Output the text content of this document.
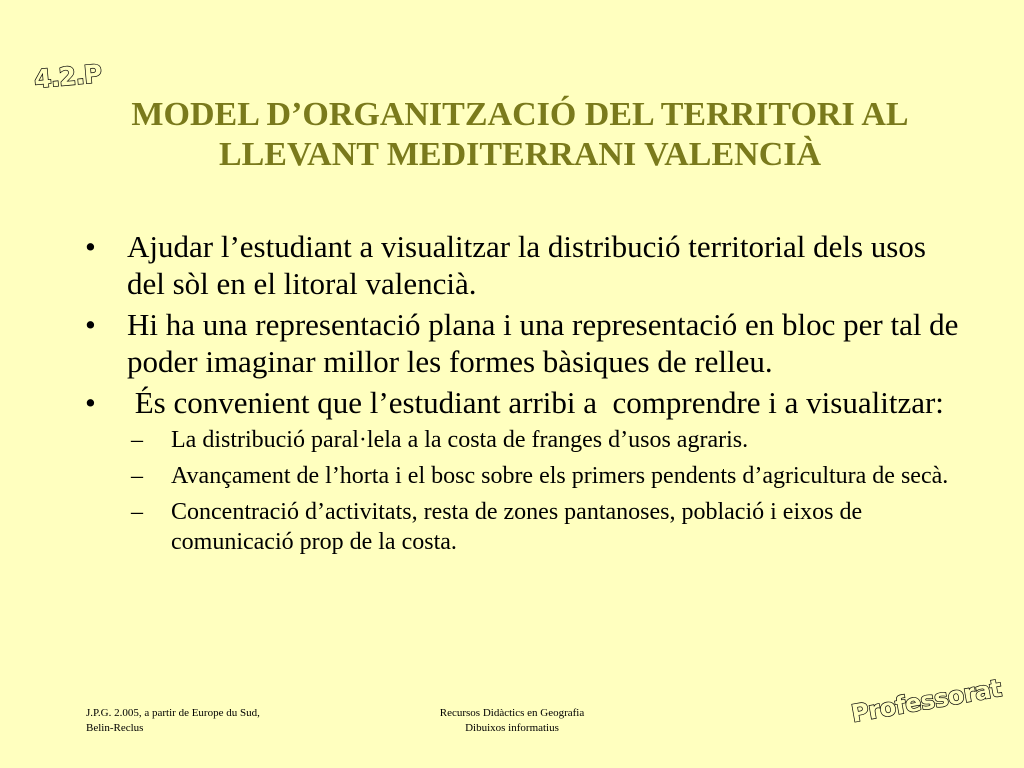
4.2.P
MODEL D’ORGANITZACIÓ DEL TERRITORI AL
LLEVANT MEDITERRANI VALENCIÀ
• Ajudar l’estudiant a visualitzar la distribució territorial dels usos del sòl en el litoral valencià.
• Hi ha una representació plana i una representació en bloc per tal de poder imaginar millor les formes bàsiques de relleu.
• És convenient que l’estudiant arribi a  comprendre i a visualitzar:
– La distribució paral·lela a la costa de franges d’usos agraris.
– Avançament de l’horta i el bosc sobre els primers pendents d’agricultura de secà.
– Concentració d’activitats, resta de zones pantanoses, població i eixos de comunicació prop de la costa.
J.P.G. 2.005, a partir de Europe du Sud,
Belin-Reclus
Recursos Didàctics en Geografia
Dibuixos informatius	Professorat
